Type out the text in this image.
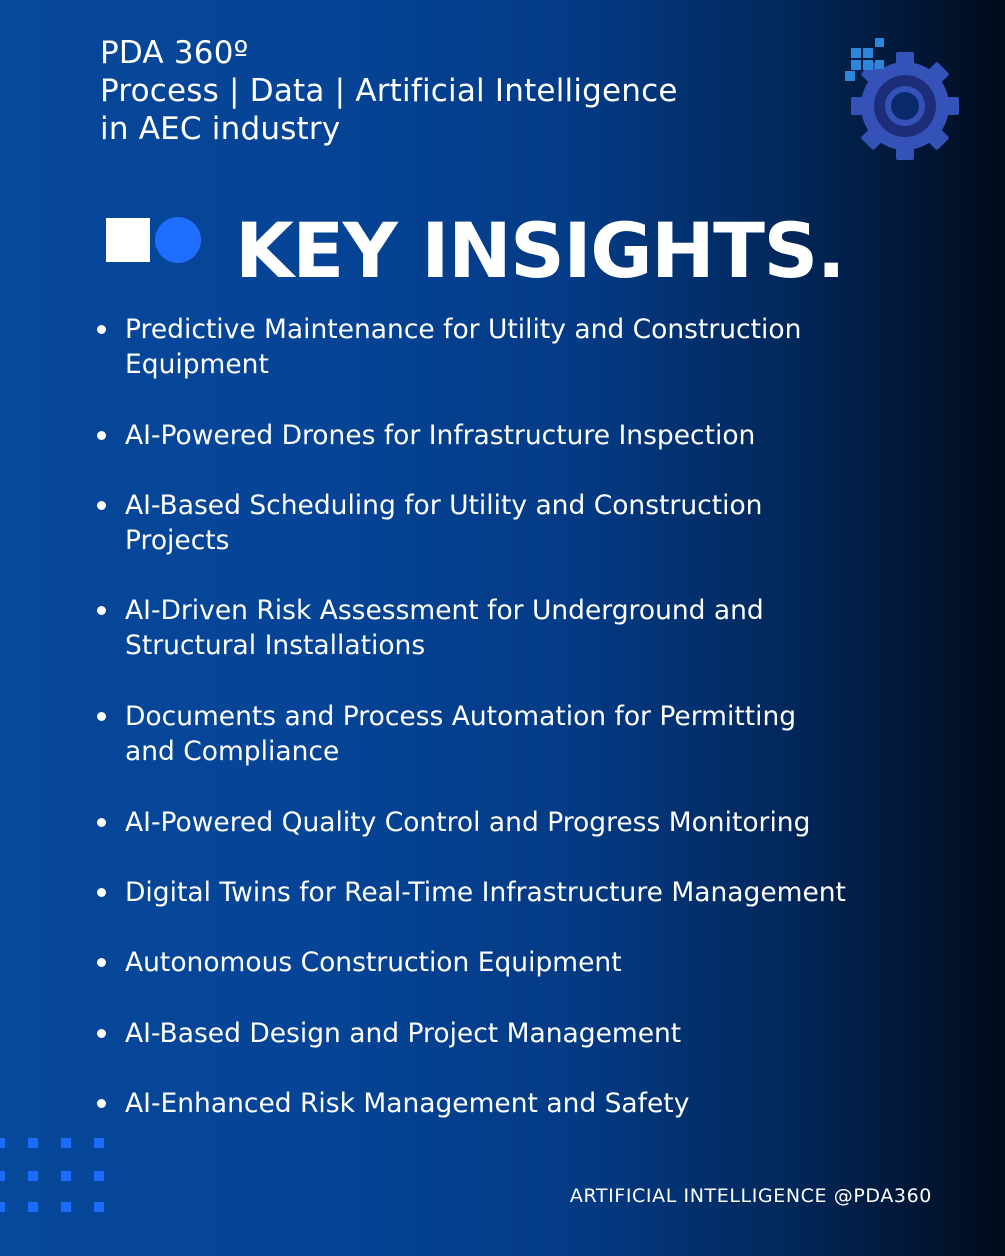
PDA 360º
Process | Data | Artificial Intelligence
in AEC industry
KEY INSIGHTS.
Predictive Maintenance for Utility and Construction
Equipment
AI-Powered Drones for Infrastructure Inspection
AI-Based Scheduling for Utility and Construction
Projects
AI-Driven Risk Assessment for Underground and
Structural Installations
Documents and Process Automation for Permitting
and Compliance
AI-Powered Quality Control and Progress Monitoring
Digital Twins for Real-Time Infrastructure Management
Autonomous Construction Equipment
AI-Based Design and Project Management
AI-Enhanced Risk Management and Safety
ARTIFICIAL INTELLIGENCE @PDA360
